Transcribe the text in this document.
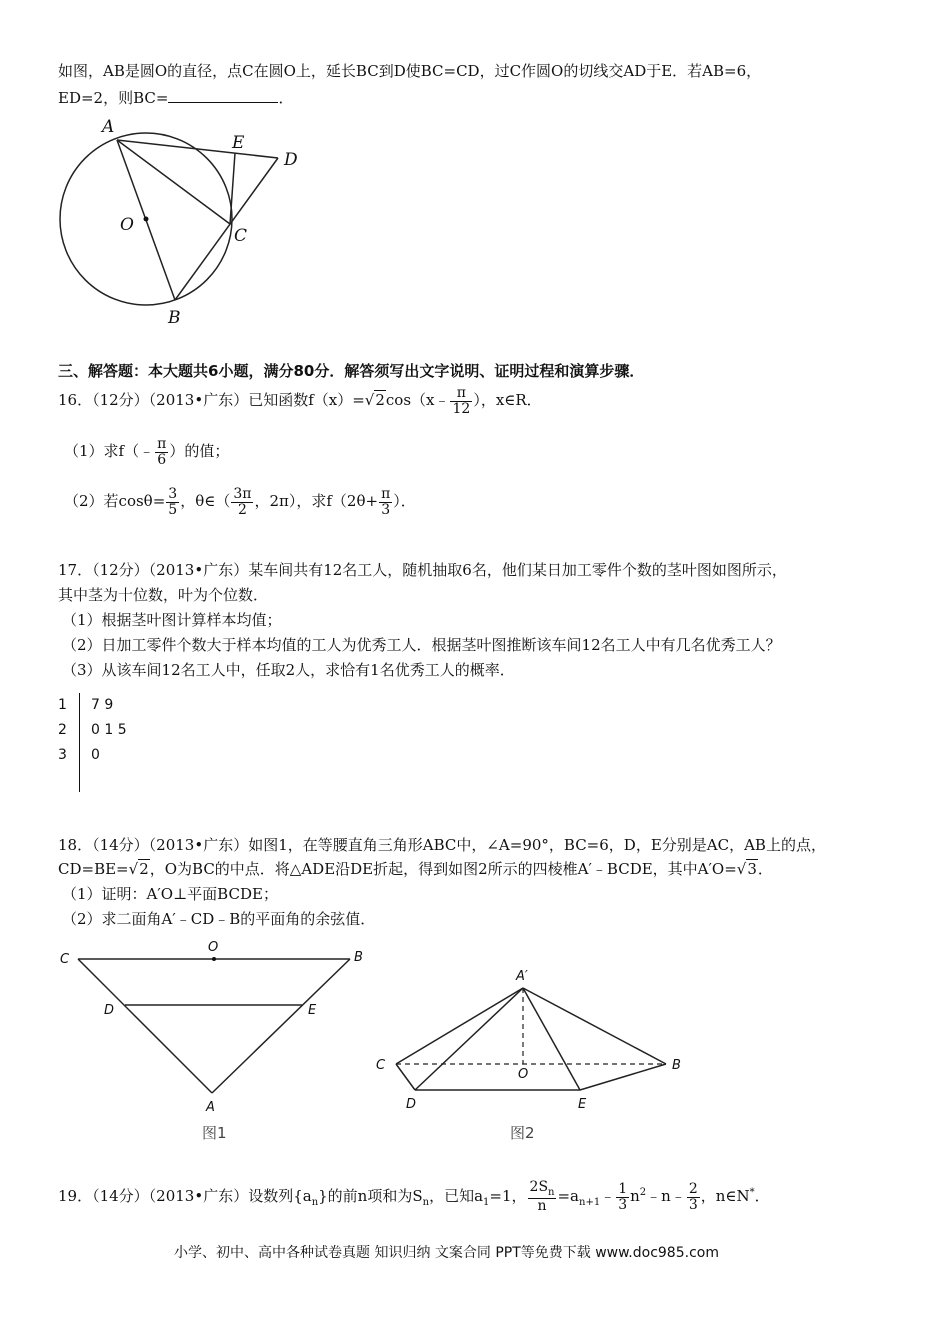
如图，AB是圆O的直径，点C在圆O上，延长BC到D使BC=CD，过C作圆O的切线交AD于E．若AB=6，
ED=2，则BC=	．
A
E
D
O
C
B
三、解答题：本大题共6小题，满分80分．解答须写出文字说明、证明过程和演算步骤．
16．（12分）（2013•广东）已知函数f（x）=√2cos（x﹣ $\frac{\pi}{12}$ ），x∈R．
（1）求f（﹣ $\frac{\pi}{6}$ ）的值；
（2）若$\cos\theta= \frac{3}{5}$ ，θ∈（ $\frac{3\pi}{2}$ ，2π），求$f(2\theta+ \frac{\pi}{3}$ ）．
17．（12分）（2013•广东）某车间共有12名工人，随机抽取6名，他们某日加工零件个数的茎叶图如图所示，
其中茎为十位数，叶为个位数．
（1）根据茎叶图计算样本均值；
（2）日加工零件个数大于样本均值的工人为优秀工人．根据茎叶图推断该车间12名工人中有几名优秀工人？
（3）从该车间12名工人中，任取2人，求恰有1名优秀工人的概率．
1 7 9
2 0 1 5
3 0
18．（14分）（2013•广东）如图1，在等腰直角三角形ABC中，∠A=90°，BC=6，D，E分别是AC，AB上的点，
CD=BE=√2，O为BC的中点．将△ADE沿DE折起，得到如图2所示的四棱椎A′﹣BCDE，其中A′O=√3．
（1）证明：A′O⊥平面BCDE；
（2）求二面角A′﹣CD﹣B的平面角的余弦值．
C
O
B
D	E
A
图1
A′
C
O
B
D	E
图2
19．（14分）（2013•广东）设数列$\{a_n\}$的前n项和为$S_n$，已知$a_1=1$， $\frac{2S_n}{n}$ $=a_{n+1}﹣ \frac{1}{3}$ $n^2﹣n﹣ \frac{2}{3}$ ，n∈N*．
小学、初中、高中各种试卷真题 知识归纳 文案合同 PPT等免费下载 www.doc985.com
